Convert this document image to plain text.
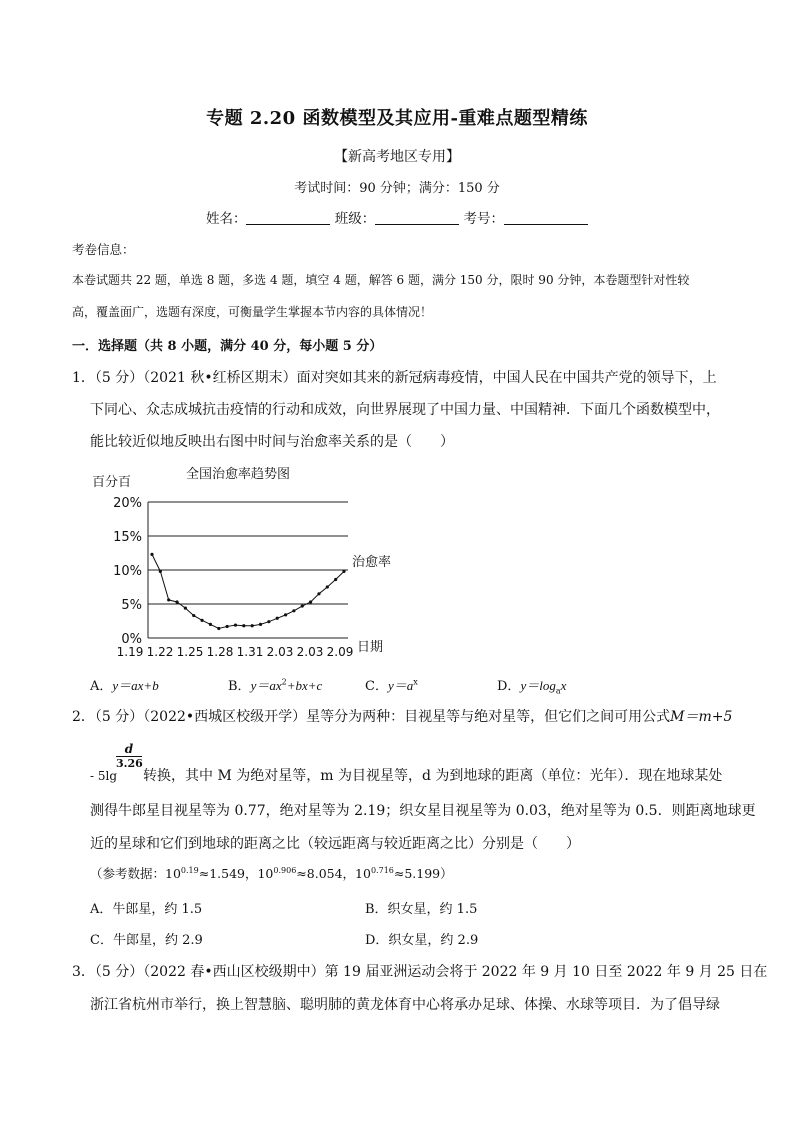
专题 2.20 函数模型及其应用-重难点题型精练
【新高考地区专用】
考试时间：90 分钟；满分：150 分
姓名：	班级：	考号：
考卷信息：
本卷试题共 22 题，单选 8 题，多选 4 题，填空 4 题，解答 6 题，满分 150 分，限时 90 分钟，本卷题型针对性较
高，覆盖面广，选题有深度，可衡量学生掌握本节内容的具体情况！
一．选择题（共 8 小题，满分 40 分，每小题 5 分）
1．（5 分）（2021 秋•红桥区期末）面对突如其来的新冠病毒疫情，中国人民在中国共产党的领导下，上
下同心、众志成城抗击疫情的行动和成效，向世界展现了中国力量、中国精神．下面几个函数模型中，
能比较近似地反映出右图中时间与治愈率关系的是（　　）
百分百
全国治愈率趋势图
0%
5%
10%
15%
20%
1.19 1.22 1.25 1.28 1.31 2.03 2.03 2.09
治愈率
日期
A．y＝ax+b	B．$y=ax^2+bx+c$	C．$y=a^x$	D．$y=\log_ax$
2．（5 分）（2022•西城区校级开学）星等分为两种：目视星等与绝对星等，但它们之间可用公式M＝m+5
$\frac{d}{3.26}$
- 5lg 转换，其中 M 为绝对星等，m 为目视星等，d 为到地球的距离（单位：光年）．现在地球某处
测得牛郎星目视星等为 0.77，绝对星等为 2.19；织女星目视星等为 0.03，绝对星等为 0.5．则距离地球更
近的星球和它们到地球的距离之比（较远距离与较近距离之比）分别是（　　）
（参考数据：$10^{0.19}\approx 1.549$，$10^{0.906}\approx 8.054$，$10^{0.716}\approx 5.199$）
A．牛郎星，约 1.5	B．织女星，约 1.5
C．牛郎星，约 2.9	D．织女星，约 2.9
3．（5 分）（2022 春•西山区校级期中）第 19 届亚洲运动会将于 2022 年 9 月 10 日至 2022 年 9 月 25 日在
浙江省杭州市举行，换上智慧脑、聪明肺的黄龙体育中心将承办足球、体操、水球等项目．为了倡导绿
